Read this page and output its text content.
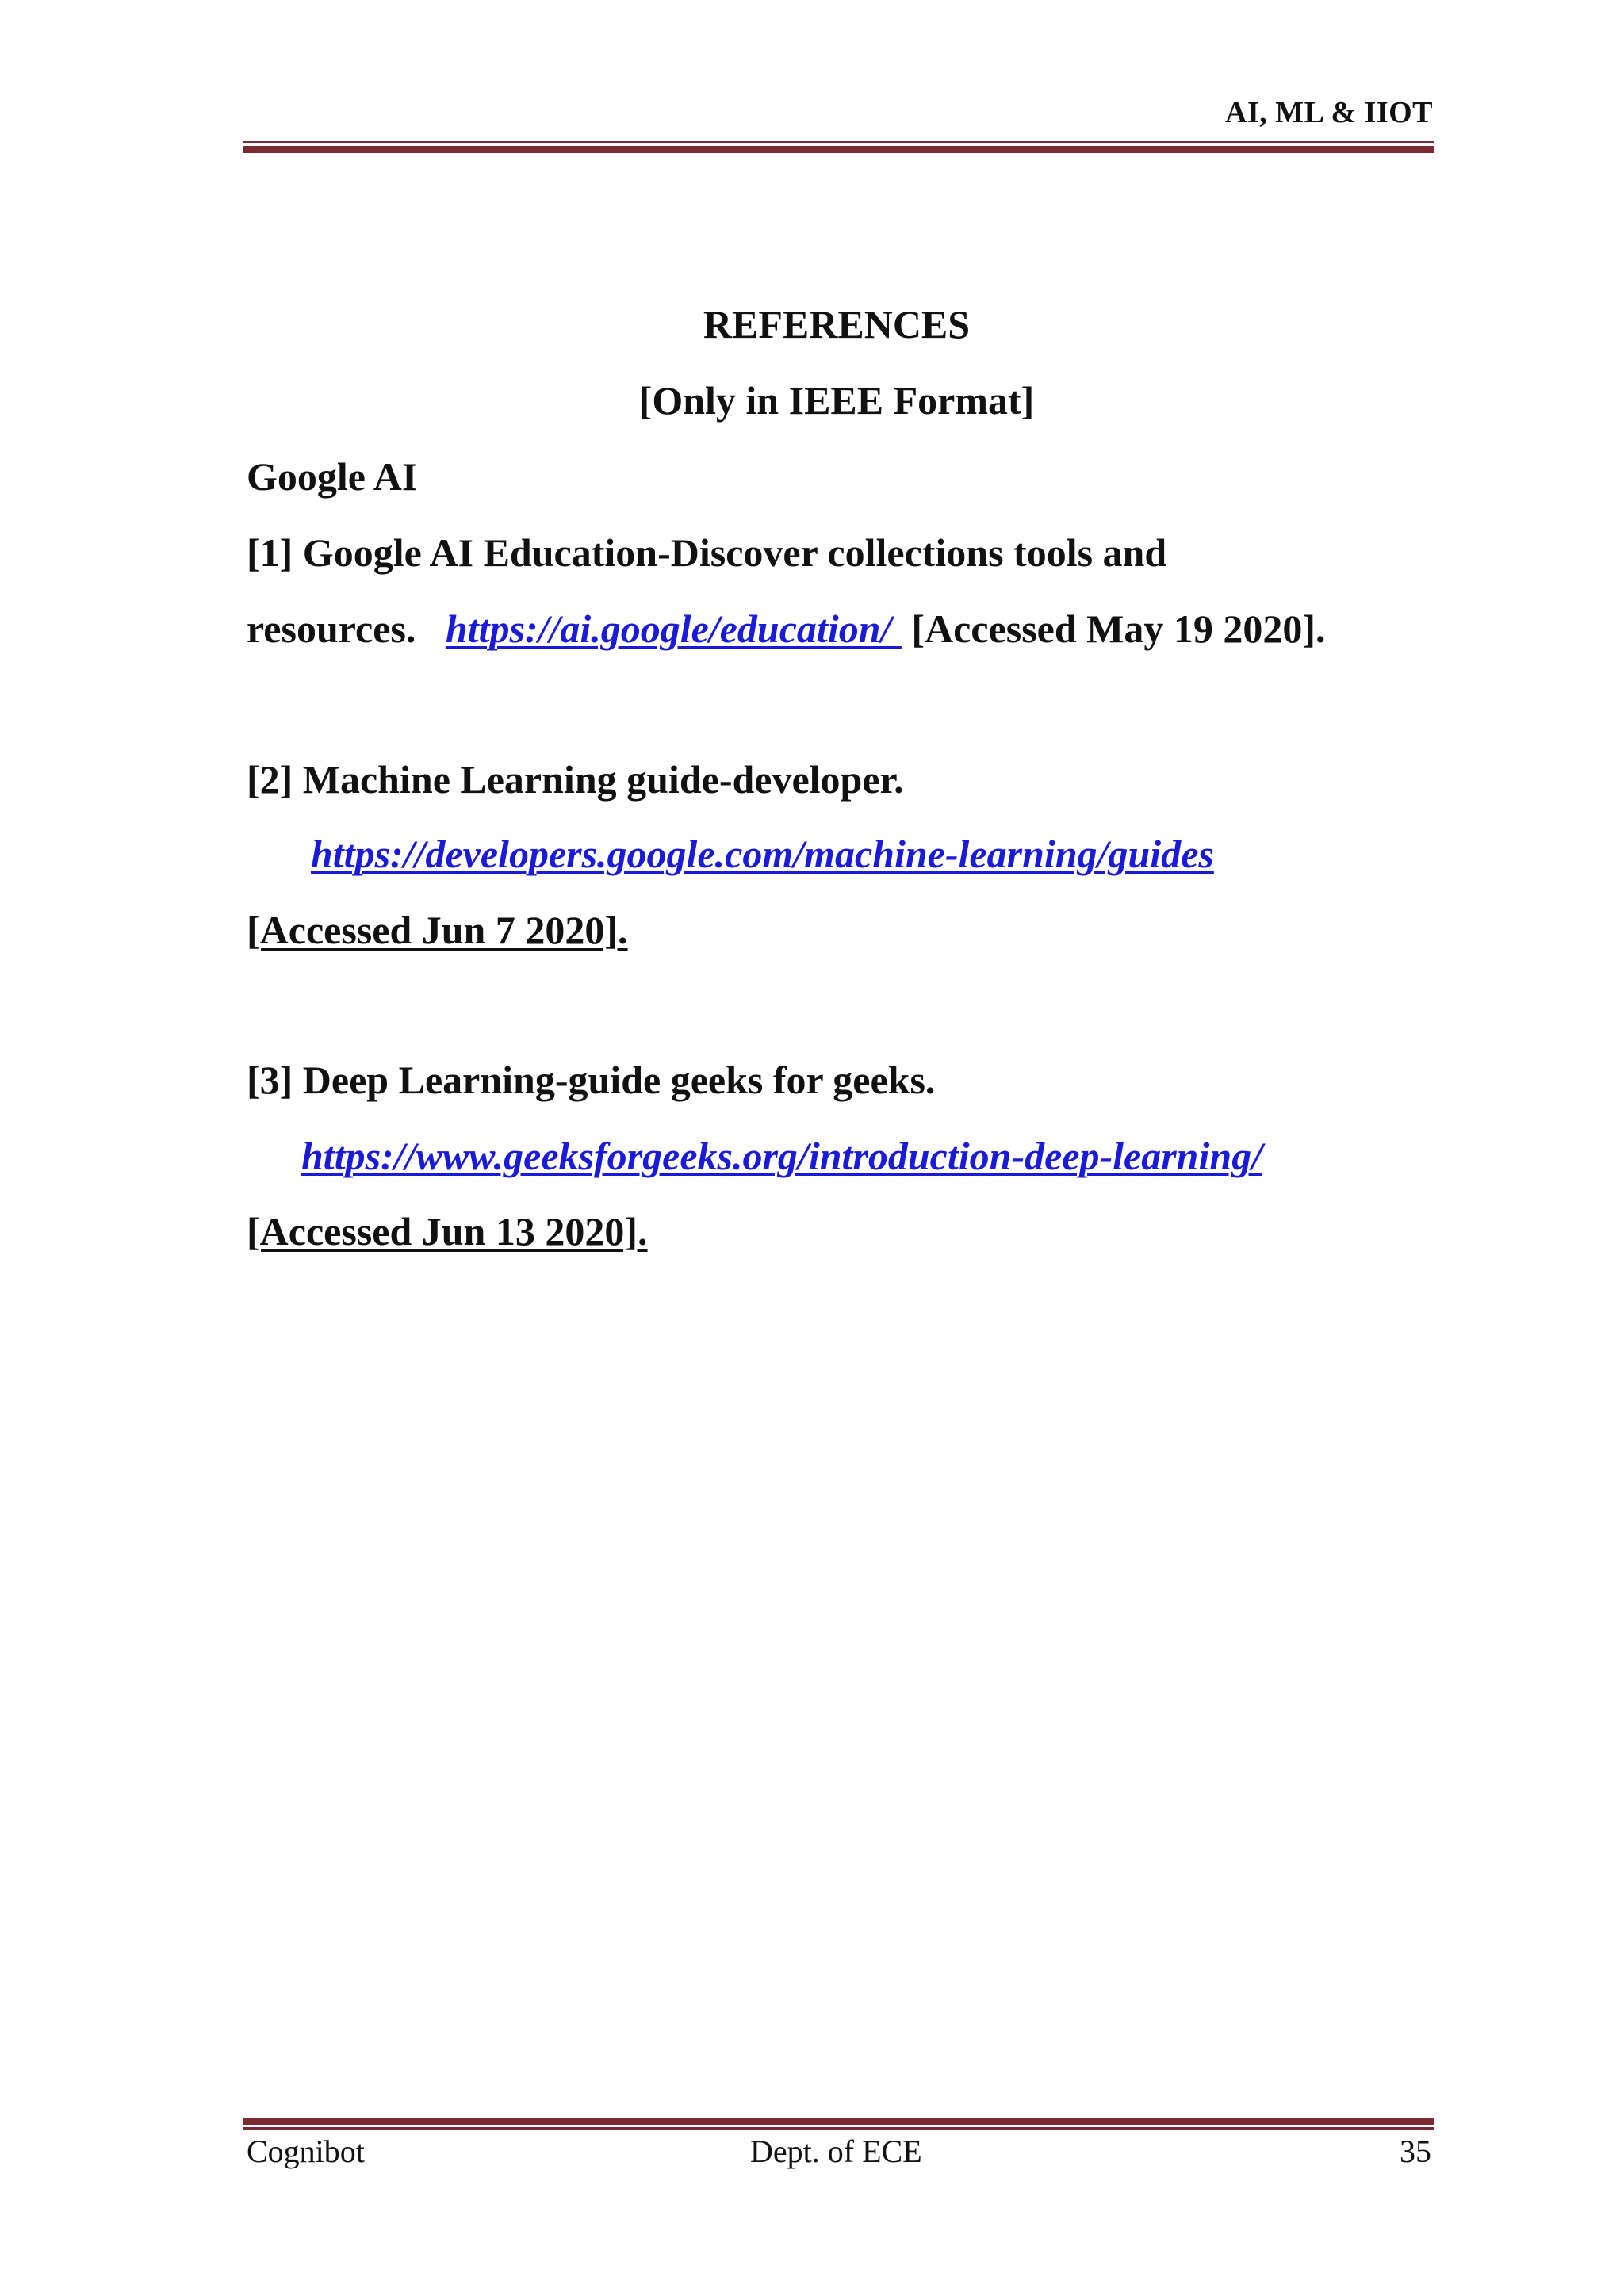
AI, ML & IIOT
REFERENCES
[Only in IEEE Format]
Google AI
[1] Google AI Education-Discover collections tools and
resources.   https://ai.google/education/  [Accessed May 19 2020].
[2] Machine Learning guide-developer.
https://developers.google.com/machine-learning/guides
[Accessed Jun 7 2020].
[3] Deep Learning-guide geeks for geeks.
https://www.geeksforgeeks.org/introduction-deep-learning/
[Accessed Jun 13 2020].
Cognibot	Dept. of ECE	35
